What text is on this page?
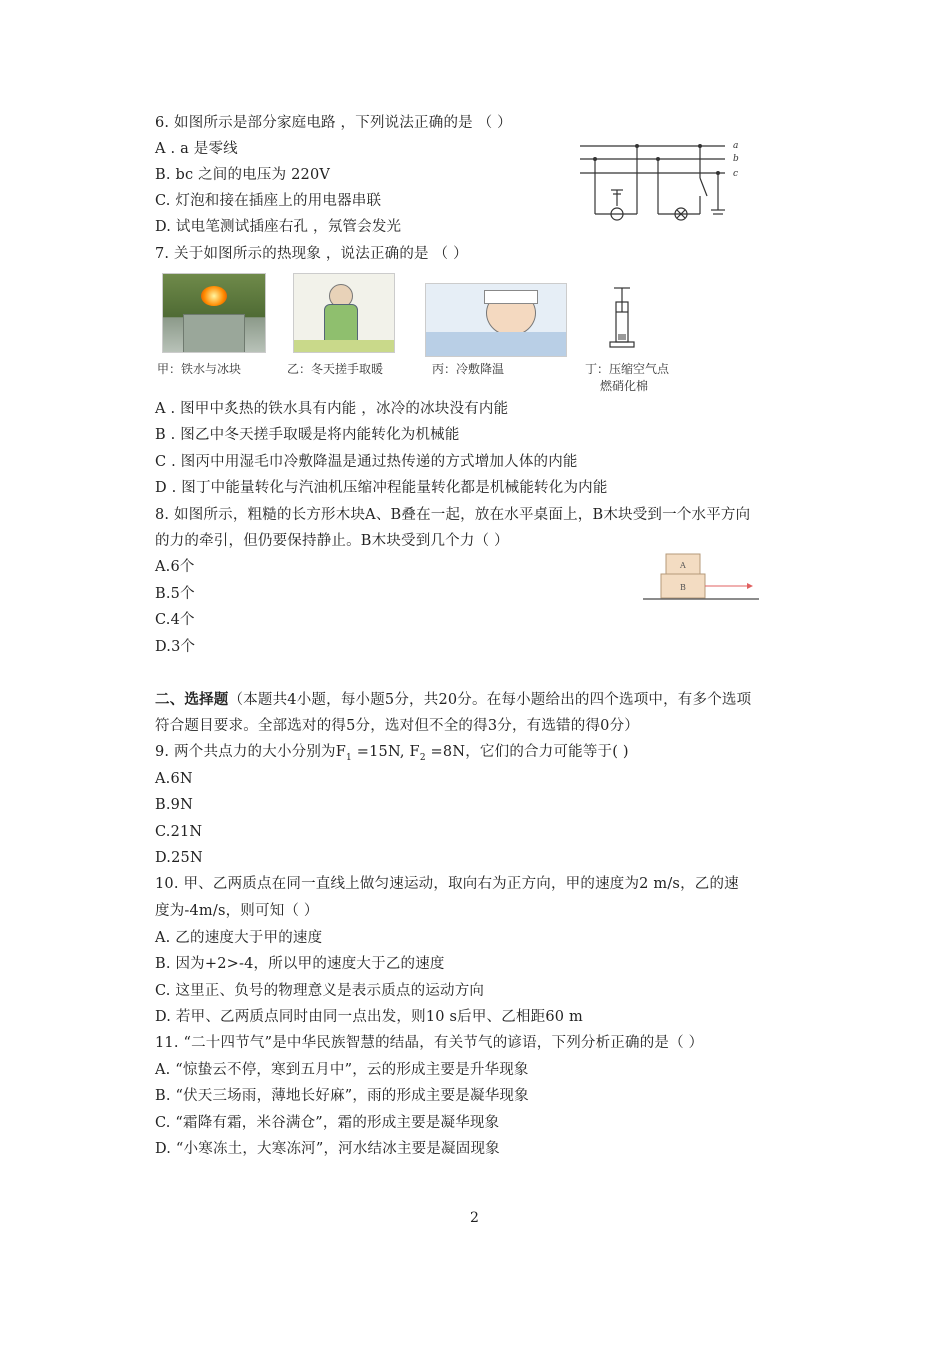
6. 如图所示是部分家庭电路 ，下列说法正确的是 （ ）
A . a 是零线
B. bc 之间的电压为 220V
C. 灯泡和接在插座上的用电器串联
D. 试电笔测试插座右孔 ，氖管会发光
a
b
c
7. 关于如图所示的热现象 ，说法正确的是 （ ）
甲：铁水与冰块	乙：冬天搓手取暖	丙：冷敷降温	丁：压缩空气点
燃硝化棉
A . 图甲中炙热的铁水具有内能 ，冰冷的冰块没有内能
B . 图乙中冬天搓手取暖是将内能转化为机械能
C . 图丙中用湿毛巾冷敷降温是通过热传递的方式增加人体的内能
D . 图丁中能量转化与汽油机压缩冲程能量转化都是机械能转化为内能
8. 如图所示，粗糙的长方形木块A、B叠在一起，放在水平桌面上，B木块受到一个水平方向
的力的牵引，但仍要保持静止。B木块受到几个力（ ）
A.6个
B.5个
C.4个
D.3个
A
B
二、选择题（本题共4小题，每小题5分，共20分。在每小题给出的四个选项中，有多个选项
符合题目要求。全部选对的得5分，选对但不全的得3分，有选错的得0分）
9. 两个共点力的大小分别为$F_1 =15N$, $F_2 =8N$，它们的合力可能等于( )
A.6N
B.9N
C.21N
D.25N
10. 甲、乙两质点在同一直线上做匀速运动，取向右为正方向，甲的速度为2 m/s，乙的速
度为-4m/s，则可知（ ）
A. 乙的速度大于甲的速度
B. 因为+2>-4，所以甲的速度大于乙的速度
C. 这里正、负号的物理意义是表示质点的运动方向
D. 若甲、乙两质点同时由同一点出发，则10 s后甲、乙相距60 m
11. “二十四节气”是中华民族智慧的结晶，有关节气的谚语，下列分析正确的是（ ）
A. “惊蛰云不停，寒到五月中”，云的形成主要是升华现象
B. “伏天三场雨，薄地长好麻”，雨的形成主要是凝华现象
C. “霜降有霜，米谷满仓”，霜的形成主要是凝华现象
D. “小寒冻土，大寒冻河”，河水结冰主要是凝固现象
2
